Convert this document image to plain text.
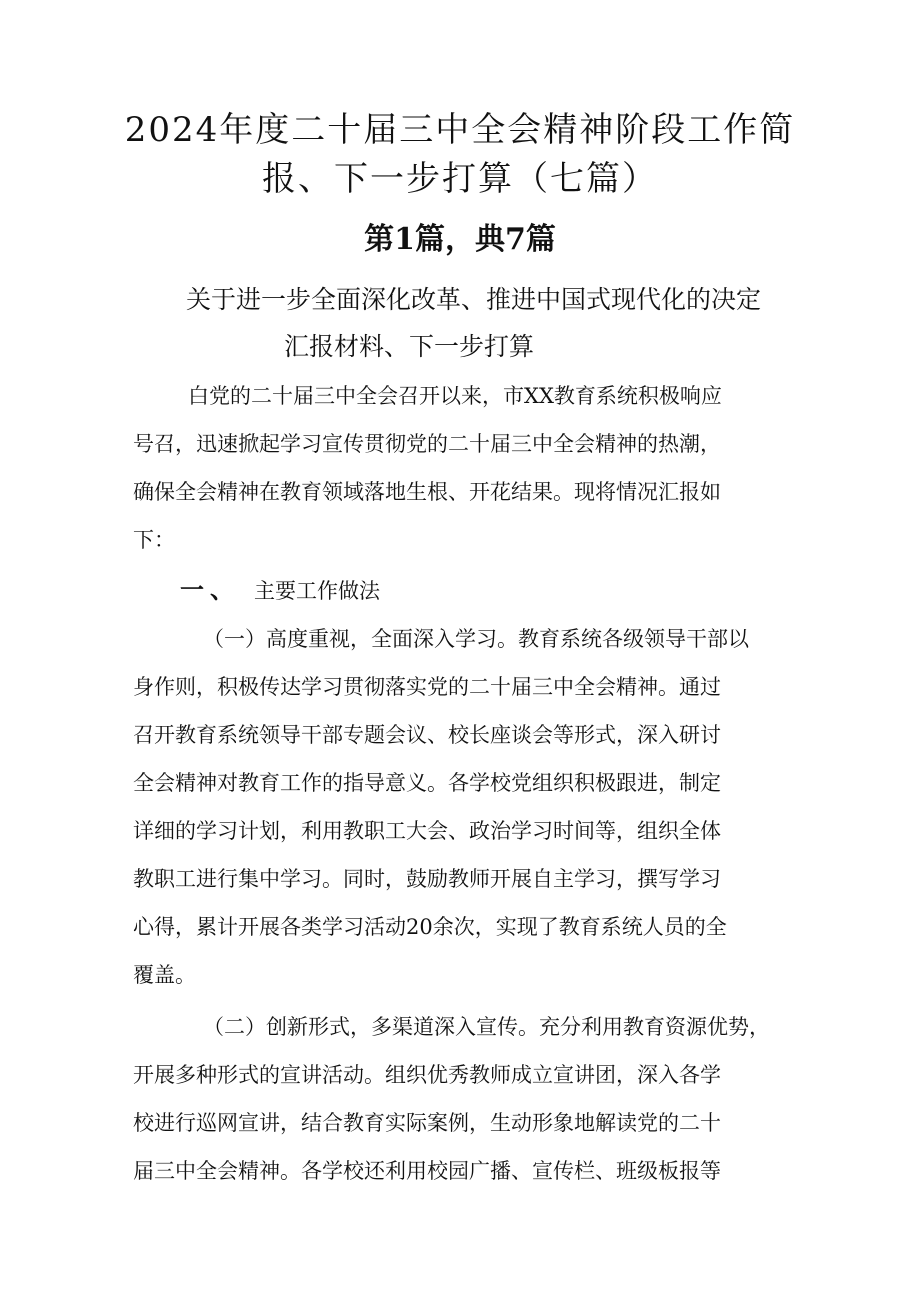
2024年度二十届三中全会精神阶段工作简
报、下一步打算（七篇）
第1篇，典7篇
关于进一步全面深化改革、推进中国式现代化的决定
汇报材料、下一步打算
白党的二十届三中全会召开以来，市XX教育系统积极响应
号召，迅速掀起学习宣传贯彻党的二十届三中全会精神的热潮，
确保全会精神在教育领域落地生根、开花结果。现将情况汇报如
下：
一、 主要工作做法
（一）高度重视，全面深入学习。教育系统各级领导干部以
身作则，积极传达学习贯彻落实党的二十届三中全会精神。通过
召开教育系统领导干部专题会议、校长座谈会等形式，深入研讨
全会精神对教育工作的指导意义。各学校党组织积极跟进，制定
详细的学习计划，利用教职工大会、政治学习时间等，组织全体
教职工进行集中学习。同时，鼓励教师开展自主学习，撰写学习
心得，累计开展各类学习活动20余次，实现了教育系统人员的全
覆盖。
（二）创新形式，多渠道深入宣传。充分利用教育资源优势，
开展多种形式的宣讲活动。组织优秀教师成立宣讲团，深入各学
校进行巡网宣讲，结合教育实际案例，生动形象地解读党的二十
届三中全会精神。各学校还利用校园广播、宣传栏、班级板报等
